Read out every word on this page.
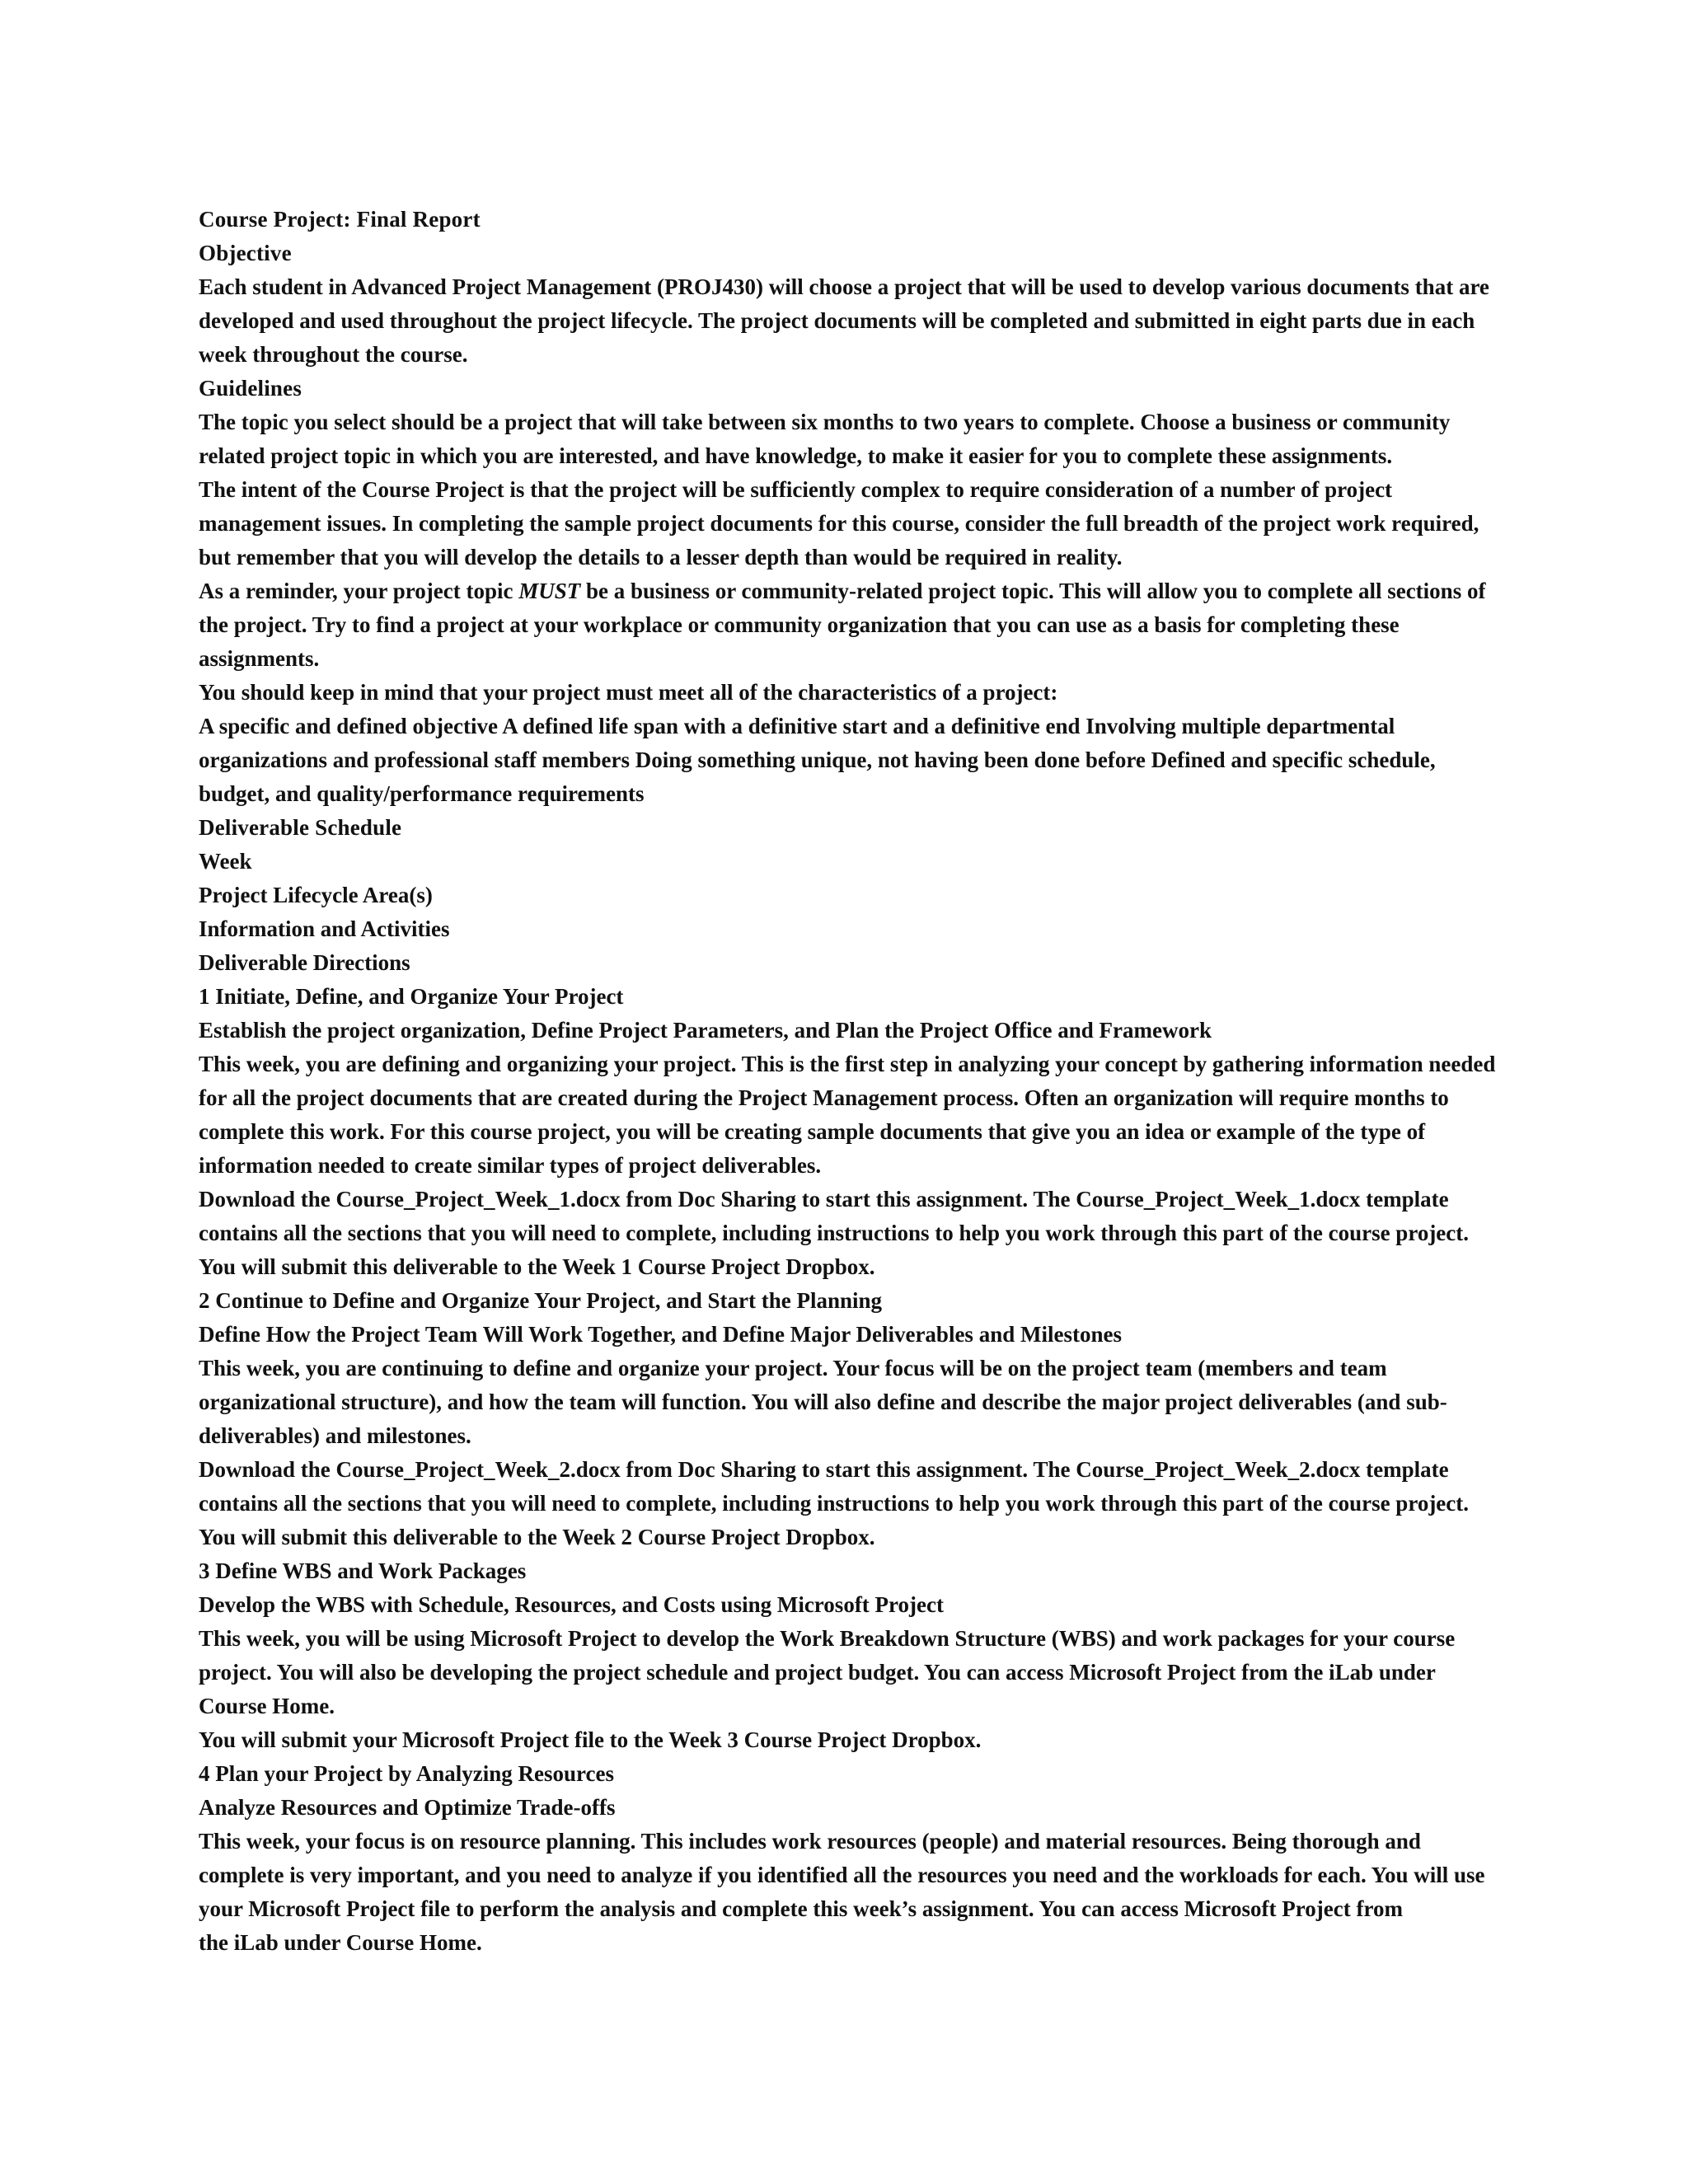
Course Project: Final Report
Objective
Each student in Advanced Project Management (PROJ430) will choose a project that will be used to develop various documents that are
developed and used throughout the project lifecycle. The project documents will be completed and submitted in eight parts due in each
week throughout the course.
Guidelines
The topic you select should be a project that will take between six months to two years to complete. Choose a business or community
related project topic in which you are interested, and have knowledge, to make it easier for you to complete these assignments.
The intent of the Course Project is that the project will be sufficiently complex to require consideration of a number of project
management issues. In completing the sample project documents for this course, consider the full breadth of the project work required,
but remember that you will develop the details to a lesser depth than would be required in reality.
As a reminder, your project topic MUST be a business or community-related project topic. This will allow you to complete all sections of
the project. Try to find a project at your workplace or community organization that you can use as a basis for completing these
assignments.
You should keep in mind that your project must meet all of the characteristics of a project:
A specific and defined objective A defined life span with a definitive start and a definitive end Involving multiple departmental
organizations and professional staff members Doing something unique, not having been done before Defined and specific schedule,
budget, and quality/performance requirements
Deliverable Schedule
Week
Project Lifecycle Area(s)
Information and Activities
Deliverable Directions
1 Initiate, Define, and Organize Your Project
Establish the project organization, Define Project Parameters, and Plan the Project Office and Framework
This week, you are defining and organizing your project. This is the first step in analyzing your concept by gathering information needed
for all the project documents that are created during the Project Management process. Often an organization will require months to
complete this work. For this course project, you will be creating sample documents that give you an idea or example of the type of
information needed to create similar types of project deliverables.
Download the Course_Project_Week_1.docx from Doc Sharing to start this assignment. The Course_Project_Week_1.docx template
contains all the sections that you will need to complete, including instructions to help you work through this part of the course project.
You will submit this deliverable to the Week 1 Course Project Dropbox.
2 Continue to Define and Organize Your Project, and Start the Planning
Define How the Project Team Will Work Together, and Define Major Deliverables and Milestones
This week, you are continuing to define and organize your project. Your focus will be on the project team (members and team
organizational structure), and how the team will function. You will also define and describe the major project deliverables (and sub-
deliverables) and milestones.
Download the Course_Project_Week_2.docx from Doc Sharing to start this assignment. The Course_Project_Week_2.docx template
contains all the sections that you will need to complete, including instructions to help you work through this part of the course project.
You will submit this deliverable to the Week 2 Course Project Dropbox.
3 Define WBS and Work Packages
Develop the WBS with Schedule, Resources, and Costs using Microsoft Project
This week, you will be using Microsoft Project to develop the Work Breakdown Structure (WBS) and work packages for your course
project. You will also be developing the project schedule and project budget. You can access Microsoft Project from the iLab under
Course Home.
You will submit your Microsoft Project file to the Week 3 Course Project Dropbox.
4 Plan your Project by Analyzing Resources
Analyze Resources and Optimize Trade-offs
This week, your focus is on resource planning. This includes work resources (people) and material resources. Being thorough and
complete is very important, and you need to analyze if you identified all the resources you need and the workloads for each. You will use
your Microsoft Project file to perform the analysis and complete this week’s assignment. You can access Microsoft Project from
the iLab under Course Home.
